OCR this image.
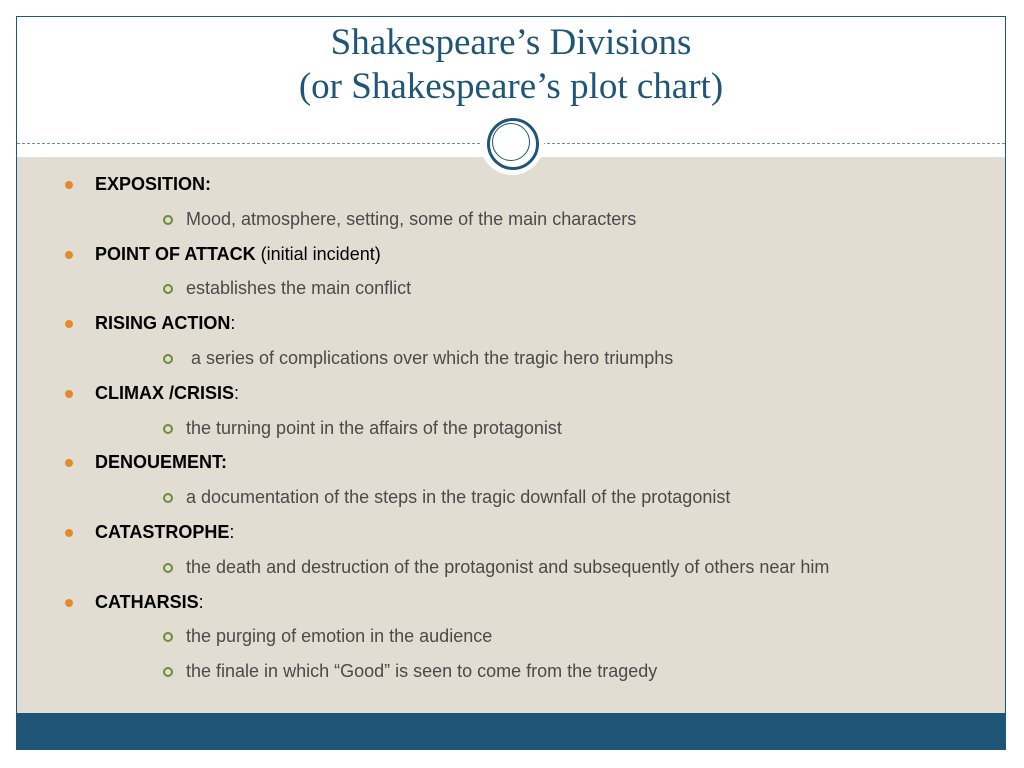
Shakespeare’s Divisions
(or Shakespeare’s plot chart)
EXPOSITION:
Mood, atmosphere, setting, some of the main characters
POINT OF ATTACK (initial incident)
establishes the main conflict
RISING ACTION:
a series of complications over which the tragic hero triumphs
CLIMAX /CRISIS:
the turning point in the affairs of the protagonist
DENOUEMENT:
a documentation of the steps in the tragic downfall of the protagonist
CATASTROPHE:
the death and destruction of the protagonist and subsequently of others near him
CATHARSIS:
the purging of emotion in the audience
the finale in which “Good” is seen to come from the tragedy
